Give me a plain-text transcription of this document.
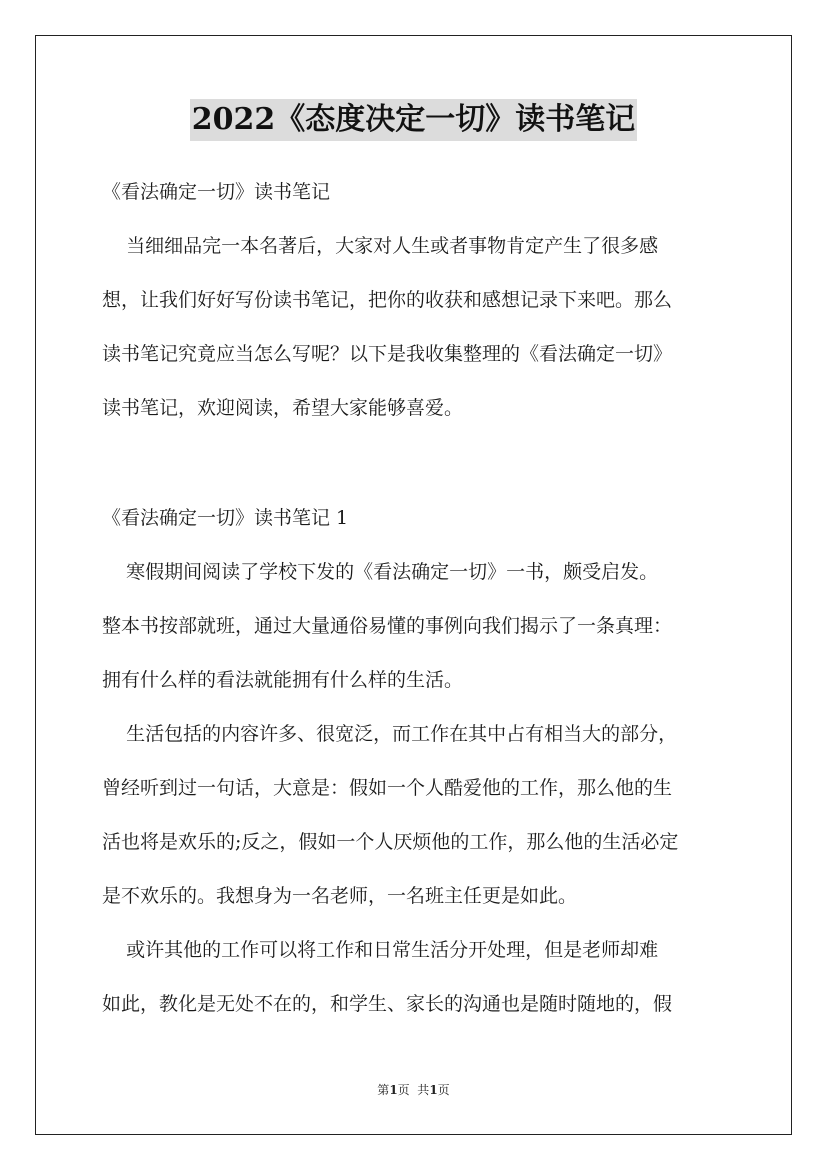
2022《态度决定一切》读书笔记
《看法确定一切》读书笔记
当细细品完一本名著后，大家对人生或者事物肯定产生了很多感
想，让我们好好写份读书笔记，把你的收获和感想记录下来吧。那么
读书笔记究竟应当怎么写呢？以下是我收集整理的《看法确定一切》
读书笔记，欢迎阅读，希望大家能够喜爱。
《看法确定一切》读书笔记 1
寒假期间阅读了学校下发的《看法确定一切》一书，颇受启发。
整本书按部就班，通过大量通俗易懂的事例向我们揭示了一条真理：
拥有什么样的看法就能拥有什么样的生活。
生活包括的内容许多、很宽泛，而工作在其中占有相当大的部分，
曾经听到过一句话，大意是：假如一个人酷爱他的工作，那么他的生
活也将是欢乐的;反之，假如一个人厌烦他的工作，那么他的生活必定
是不欢乐的。我想身为一名老师，一名班主任更是如此。
或许其他的工作可以将工作和日常生活分开处理，但是老师却难
如此，教化是无处不在的，和学生、家长的沟通也是随时随地的，假
第1页  共1页
